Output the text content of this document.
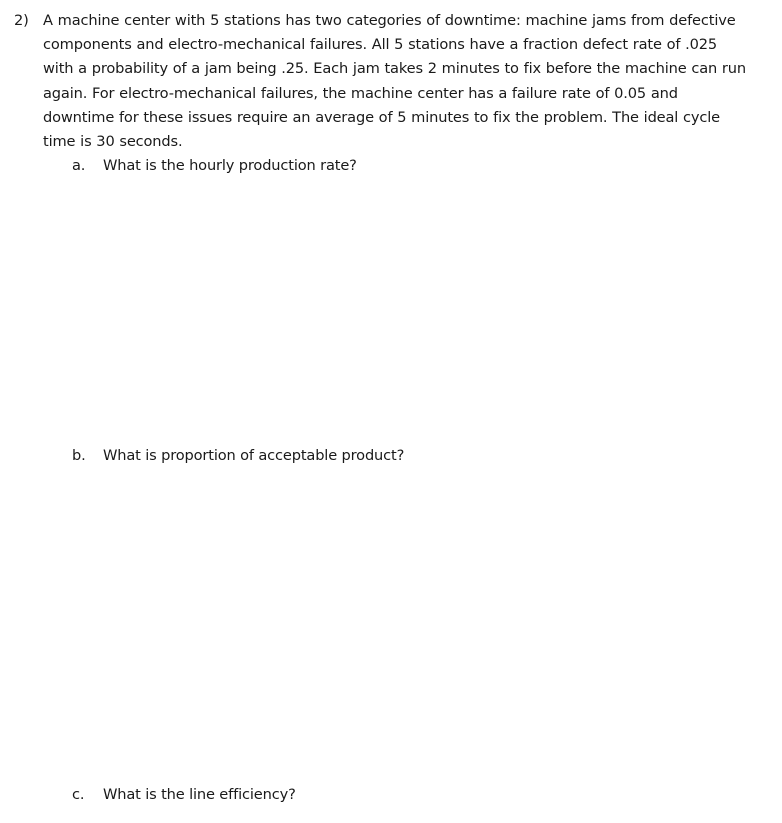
2) A machine center with 5 stations has two categories of downtime: machine jams from defective
components and electro-mechanical failures. All 5 stations have a fraction defect rate of .025
with a probability of a jam being .25. Each jam takes 2 minutes to fix before the machine can run
again. For electro-mechanical failures, the machine center has a failure rate of 0.05 and
downtime for these issues require an average of 5 minutes to fix the problem. The ideal cycle
time is 30 seconds.
a. What is the hourly production rate?
b. What is proportion of acceptable product?
c. What is the line efficiency?
